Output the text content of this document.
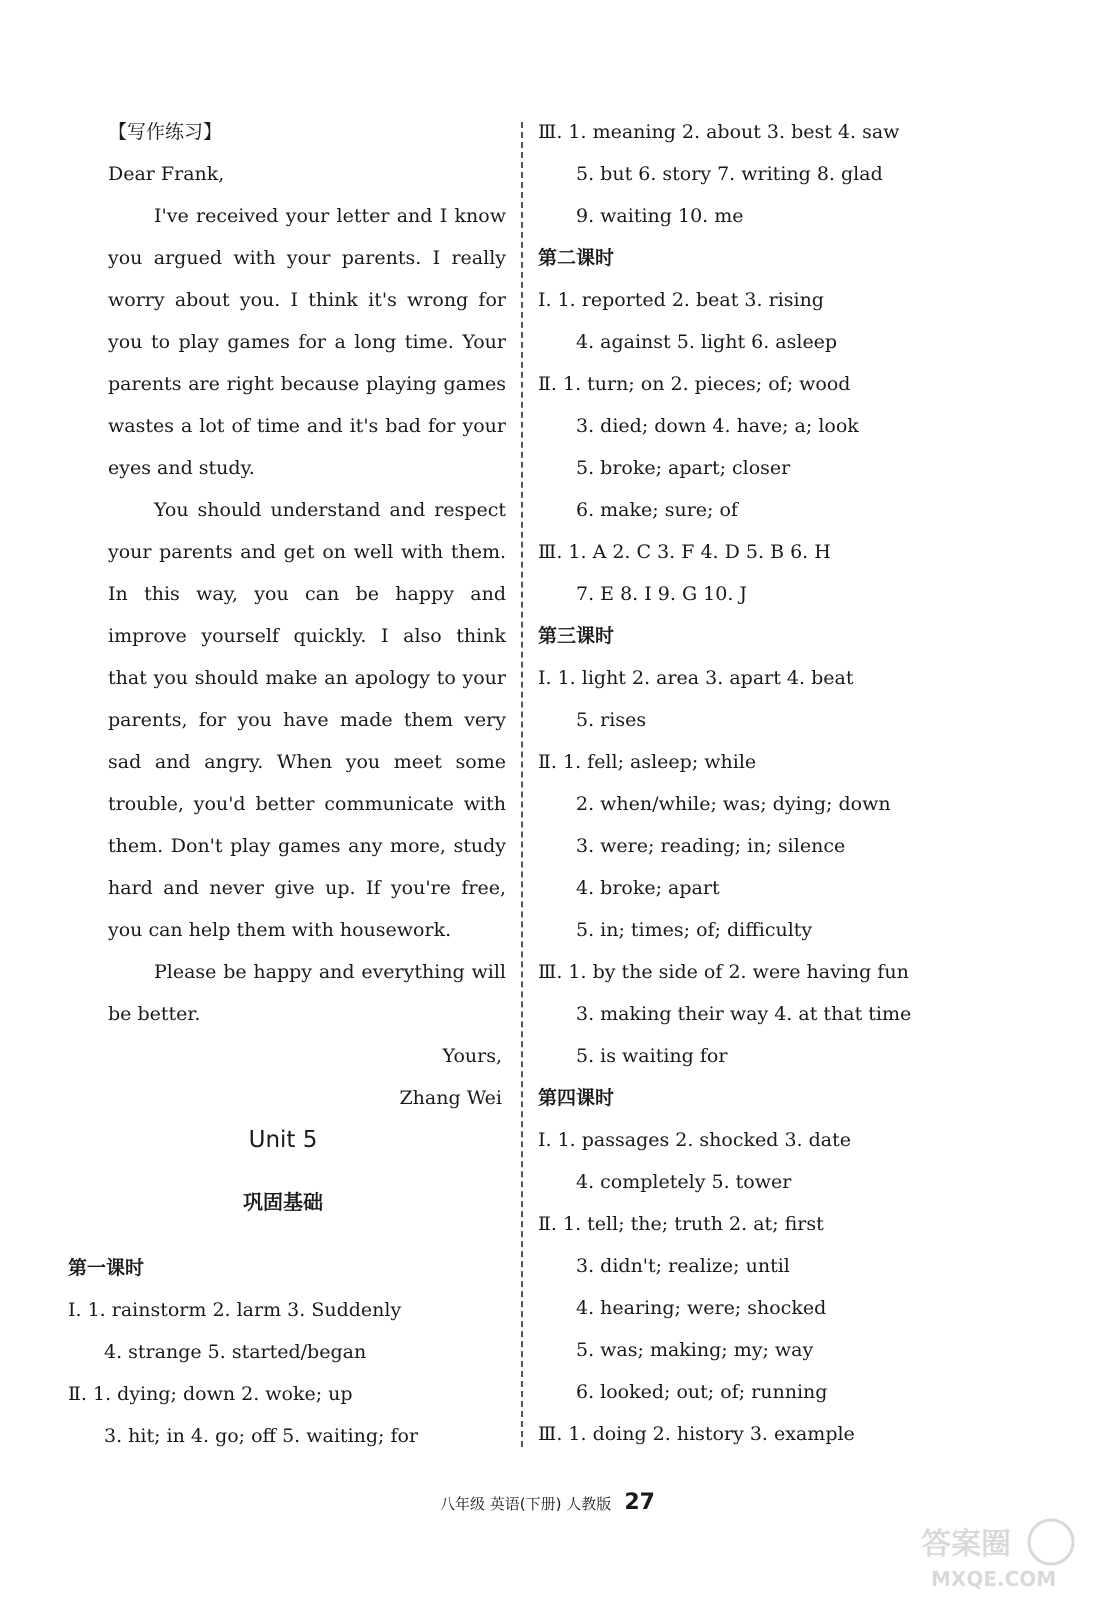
【写作练习】
Dear Frank,
I've received your letter and I know
you argued with your parents. I really
worry about you. I think it's wrong for
you to play games for a long time. Your
parents are right because playing games
wastes a lot of time and it's bad for your
eyes and study.
You should understand and respect
your parents and get on well with them.
In this way, you can be happy and
improve yourself quickly. I also think
that you should make an apology to your
parents, for you have made them very
sad and angry. When you meet some
trouble, you'd better communicate with
them. Don't play games any more, study
hard and never give up. If you're free,
you can help them with housework.
Please be happy and everything will
be better.
Yours,
Zhang Wei
Unit 5
巩固基础
第一课时
Ⅰ. 1. rainstorm 2. larm 3. Suddenly
4. strange 5. started/began
Ⅱ. 1. dying; down 2. woke; up
3. hit; in 4. go; off 5. waiting; for
Ⅲ. 1. meaning 2. about 3. best 4. saw
5. but 6. story 7. writing 8. glad
9. waiting 10. me
第二课时
Ⅰ. 1. reported 2. beat 3. rising
4. against 5. light 6. asleep
Ⅱ. 1. turn; on 2. pieces; of; wood
3. died; down 4. have; a; look
5. broke; apart; closer
6. make; sure; of
Ⅲ. 1. A 2. C 3. F 4. D 5. B 6. H
7. E 8. I 9. G 10. J
第三课时
Ⅰ. 1. light 2. area 3. apart 4. beat
5. rises
Ⅱ. 1. fell; asleep; while
2. when/while; was; dying; down
3. were; reading; in; silence
4. broke; apart
5. in; times; of; difficulty
Ⅲ. 1. by the side of 2. were having fun
3. making their way 4. at that time
5. is waiting for
第四课时
Ⅰ. 1. passages 2. shocked 3. date
4. completely 5. tower
Ⅱ. 1. tell; the; truth 2. at; first
3. didn't; realize; until
4. hearing; were; shocked
5. was; making; my; way
6. looked; out; of; running
Ⅲ. 1. doing 2. history 3. example
八年级 英语(下册) 人教版 27
答案圈
MXQE.COM
